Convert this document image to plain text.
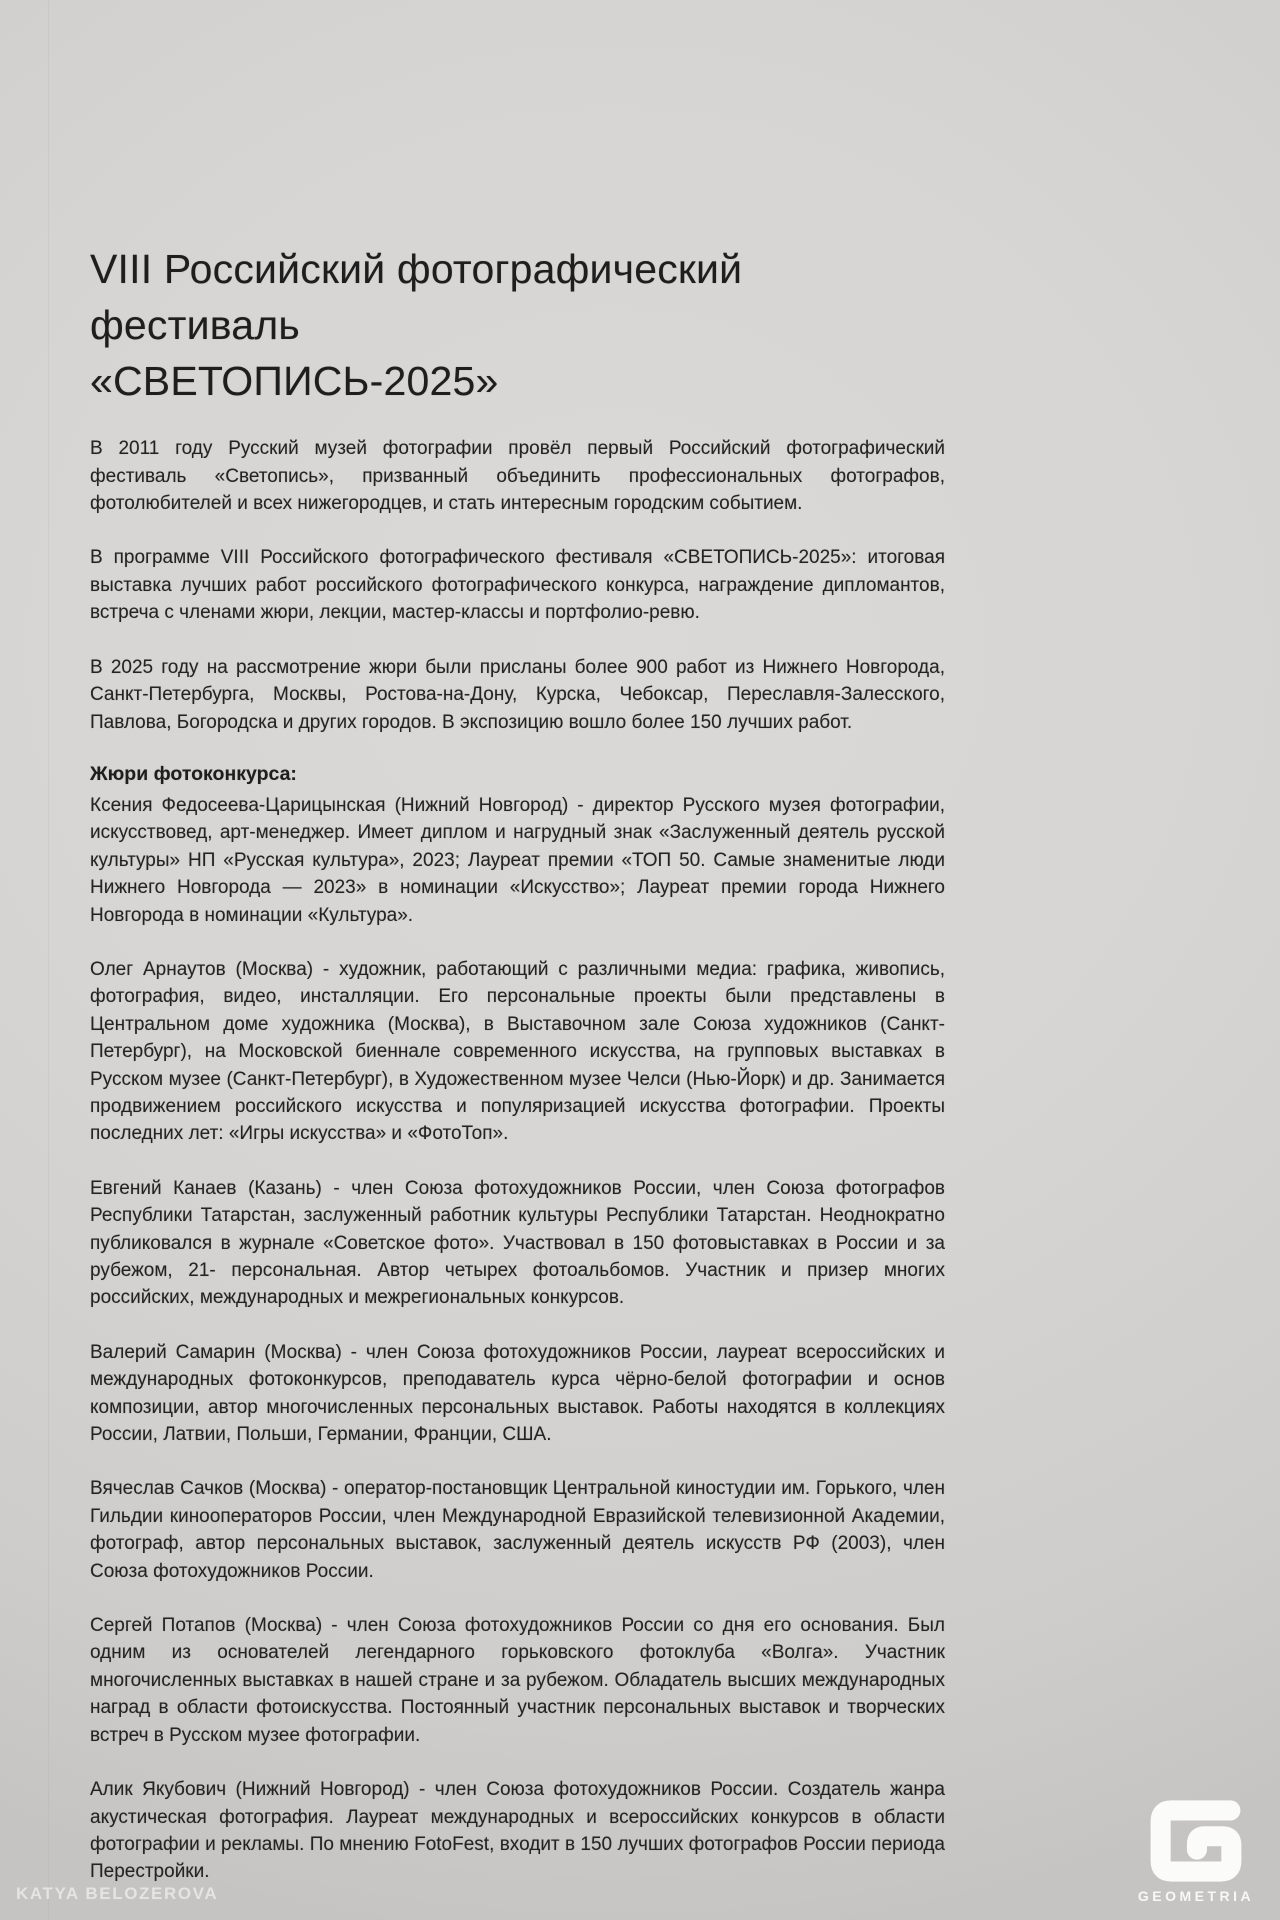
VIII Российский фотографический фестиваль
«СВЕТОПИСЬ-2025»

В 2011 году Русский музей фотографии провёл первый Российский фотографический фестиваль «Светопись», призванный объединить профессиональных фотографов, фотолюбителей и всех нижегородцев, и стать интересным городским событием.

В программе VIII Российского фотографического фестиваля «СВЕТОПИСЬ-2025»: итоговая выставка лучших работ российского фотографического конкурса, награждение дипломантов, встреча с членами жюри, лекции, мастер-классы и портфолио-ревю.

В 2025 году на рассмотрение жюри были присланы более 900 работ из Нижнего Новгорода, Санкт-Петербурга, Москвы, Ростова-на-Дону, Курска, Чебоксар, Переславля-Залесского, Павлова, Богородска и других городов. В экспозицию вошло более 150 лучших работ.

Жюри фотоконкурса:

Ксения Федосеева-Царицынская (Нижний Новгород) - директор Русского музея фотографии, искусствовед, арт-менеджер. Имеет диплом и нагрудный знак «Заслуженный деятель русской культуры» НП «Русская культура», 2023; Лауреат премии «ТОП 50. Самые знаменитые люди Нижнего Новгорода — 2023» в номинации «Искусство»; Лауреат премии города Нижнего Новгорода в номинации «Культура».

Олег Арнаутов (Москва) - художник, работающий с различными медиа: графика, живопись, фотография, видео, инсталляции. Его персональные проекты были представлены в Центральном доме художника (Москва), в Выставочном зале Союза художников (Санкт-Петербург), на Московской биеннале современного искусства, на групповых выставках в Русском музее (Санкт-Петербург), в Художественном музее Челси (Нью-Йорк) и др. Занимается продвижением российского искусства и популяризацией искусства фотографии. Проекты последних лет: «Игры искусства» и «ФотоТоп».

Евгений Канаев (Казань) - член Союза фотохудожников России, член Союза фотографов Республики Татарстан, заслуженный работник культуры Республики Татарстан. Неоднократно публиковался в журнале «Советское фото». Участвовал в 150 фотовыставках в России и за рубежом, 21- персональная. Автор четырех фотоальбомов. Участник и призер многих российских, международных и межрегиональных конкурсов.

Валерий Самарин (Москва) - член Союза фотохудожников России, лауреат всероссийских и международных фотоконкурсов, преподаватель курса чёрно-белой фотографии и основ композиции, автор многочисленных персональных выставок. Работы находятся в коллекциях России, Латвии, Польши, Германии, Франции, США.

Вячеслав Сачков (Москва) - оператор-постановщик Центральной киностудии им. Горького, член Гильдии кинооператоров России, член Международной Евразийской телевизионной Академии, фотограф, автор персональных выставок, заслуженный деятель искусств РФ (2003), член Союза фотохудожников России.

Сергей Потапов (Москва) - член Союза фотохудожников России со дня его основания. Был одним из основателей легендарного горьковского фотоклуба «Волга». Участник многочисленных выставках в нашей стране и за рубежом. Обладатель высших международных наград в области фотоискусства. Постоянный участник персональных выставок и творческих встреч в Русском музее фотографии.

Алик Якубович (Нижний Новгород) - член Союза фотохудожников России. Создатель жанра акустическая фотография. Лауреат международных и всероссийских конкурсов в области фотографии и рекламы. По мнению FotoFest, входит в 150 лучших фотографов России периода Перестройки.

KATYA BELOZEROVA	GEOMETRIA
